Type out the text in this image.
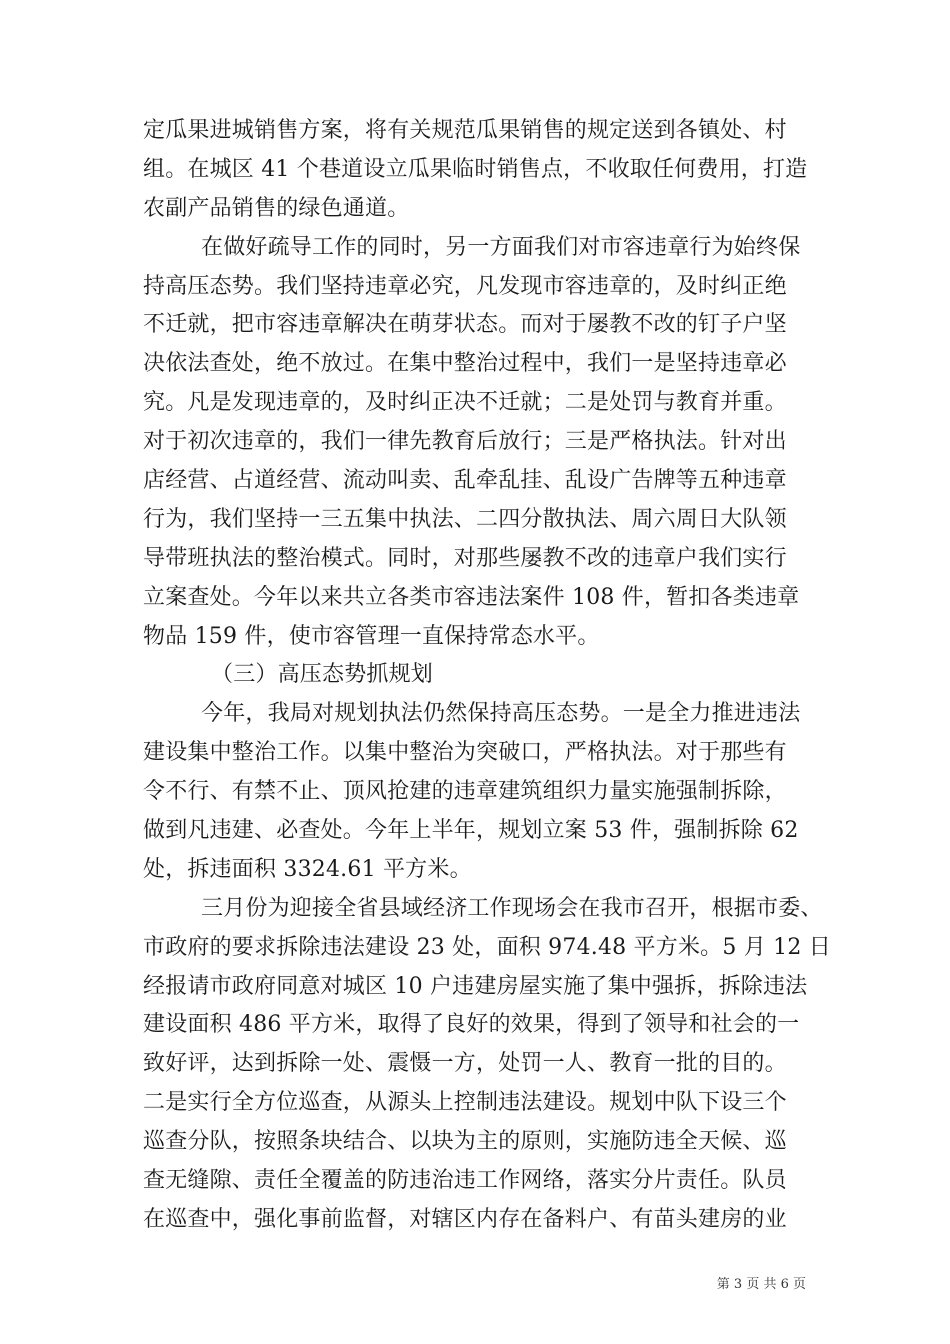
定瓜果进城销售方案，将有关规范瓜果销售的规定送到各镇处、村
组。在城区 41 个巷道设立瓜果临时销售点，不收取任何费用，打造
农副产品销售的绿色通道。
在做好疏导工作的同时，另一方面我们对市容违章行为始终保
持高压态势。我们坚持违章必究，凡发现市容违章的，及时纠正绝
不迁就，把市容违章解决在萌芽状态。而对于屡教不改的钉子户坚
决依法查处，绝不放过。在集中整治过程中，我们一是坚持违章必
究。凡是发现违章的，及时纠正决不迁就；二是处罚与教育并重。
对于初次违章的，我们一律先教育后放行；三是严格执法。针对出
店经营、占道经营、流动叫卖、乱牵乱挂、乱设广告牌等五种违章
行为，我们坚持一三五集中执法、二四分散执法、周六周日大队领
导带班执法的整治模式。同时，对那些屡教不改的违章户我们实行
立案查处。今年以来共立各类市容违法案件 108 件，暂扣各类违章
物品 159 件，使市容管理一直保持常态水平。
（三）高压态势抓规划
今年，我局对规划执法仍然保持高压态势。一是全力推进违法
建设集中整治工作。以集中整治为突破口，严格执法。对于那些有
令不行、有禁不止、顶风抢建的违章建筑组织力量实施强制拆除，
做到凡违建、必查处。今年上半年，规划立案 53 件，强制拆除 62
处，拆违面积 3324.61 平方米。
三月份为迎接全省县域经济工作现场会在我市召开，根据市委、
市政府的要求拆除违法建设 23 处，面积 974.48 平方米。5 月 12 日
经报请市政府同意对城区 10 户违建房屋实施了集中强拆，拆除违法
建设面积 486 平方米，取得了良好的效果，得到了领导和社会的一
致好评，达到拆除一处、震慑一方，处罚一人、教育一批的目的。
二是实行全方位巡查，从源头上控制违法建设。规划中队下设三个
巡查分队，按照条块结合、以块为主的原则，实施防违全天候、巡
查无缝隙、责任全覆盖的防违治违工作网络，落实分片责任。队员
在巡查中，强化事前监督，对辖区内存在备料户、有苗头建房的业
第 3 页 共 6 页
